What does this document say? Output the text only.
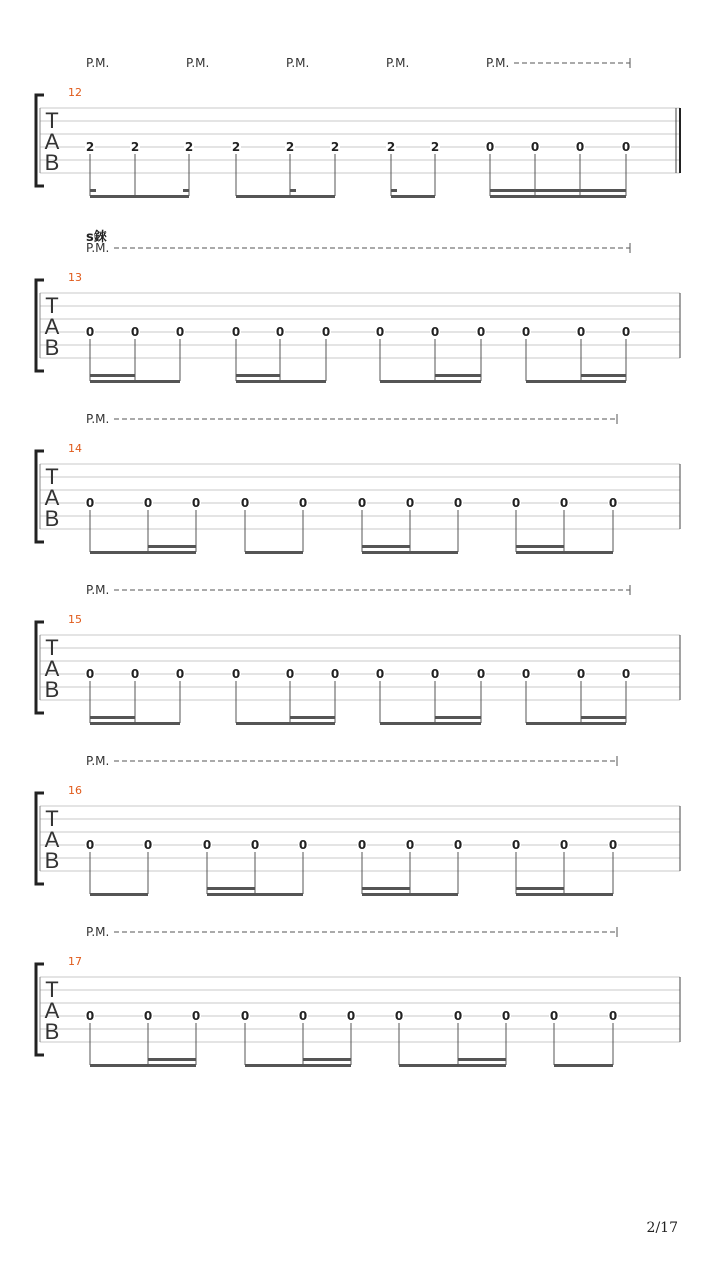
T
A
B
12
P.M.	P.M.	P.M.	P.M.	P.M.
2	2	2	2	2	2	2	2	0	0	0	0
T
A
B
13
s錸
P.M.
0	0	0	0	0	0	0	0	0	0	0	0
T
A
B
14
P.M.
0	0	0	0	0	0	0	0	0	0	0
T
A
B
15
P.M.
0	0	0	0	0	0	0	0	0	0	0	0
T
A
B
16
P.M.
0	0	0	0	0	0	0	0	0	0	0
T
A
B
17
P.M.
0	0	0	0	0	0	0	0	0	0	0
2/17
